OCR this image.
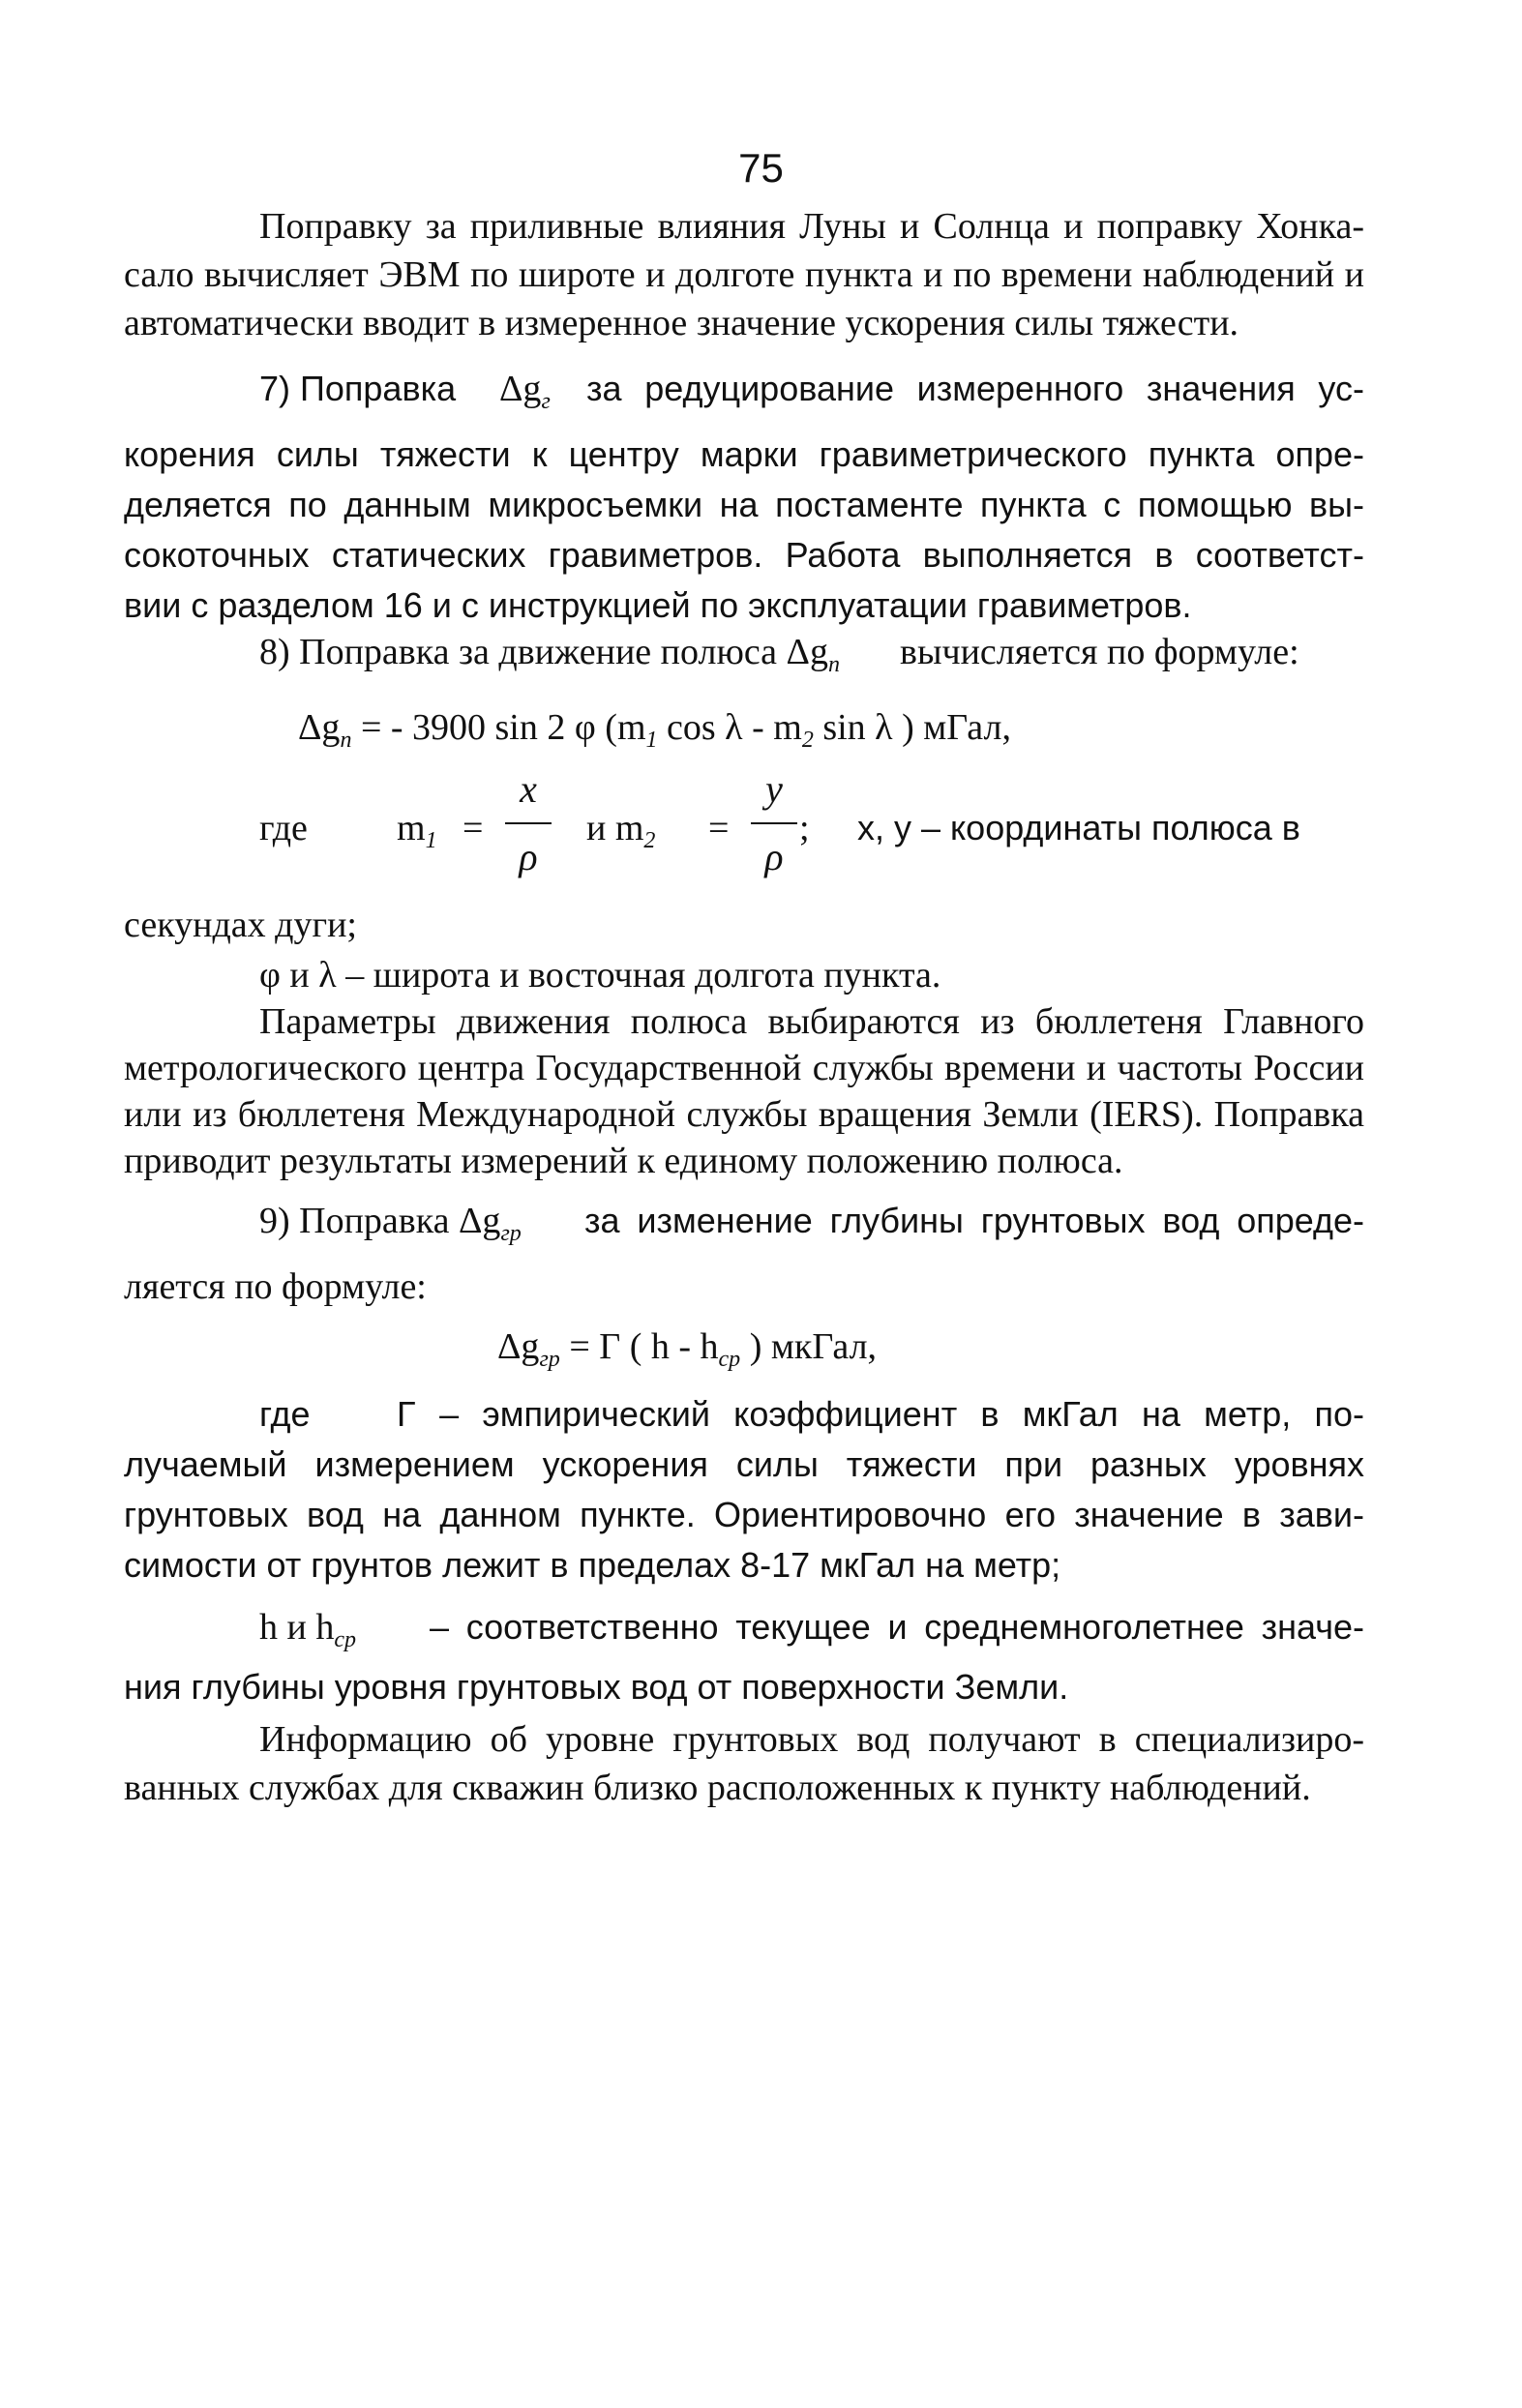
75
Поправку за приливные влияния Луны и Солнца и поправку Хонка-
сало вычисляет ЭВМ по широте и долготе пункта и по времени наблюдений и
автоматически вводит в измеренное значение ускорения силы тяжести.
7) Поправка $\Delta g_г$ за редуцирование измеренного значения ус-
корения силы тяжести к центру марки гравиметрического пункта опре-
деляется по данным микросъемки на постаменте пункта с помощью вы-
сокоточных статических гравиметров. Работа выполняется в соответст-
вии с разделом 16 и с инструкцией по эксплуатации гравиметров.
8) Поправка за движение полюса $\Delta g_п$ вычисляется по формуле:
$\Delta g_п$ = - 3900 sin 2 φ ($m_1$ cos λ - $m_2$ sin λ ) мГал,
где $m_1$ =
x
ρ
и $m_2$ =
y
ρ
; x, y – координаты полюса в
секундах дуги;
φ и λ – широта и восточная долгота пункта.
Параметры движения полюса выбираются из бюллетеня Главного
метрологического центра Государственной службы времени и частоты России
или из бюллетеня Международной службы вращения Земли (IERS). Поправка
приводит результаты измерений к единому положению полюса.
9) Поправка $\Delta g_{гр}$ за изменение глубины грунтовых вод опреде-
ляется по формуле:
$\Delta g_{гр} = \Gamma$ ( h - $h_{ср}$ ) мкГал,
где Γ – эмпирический коэффициент в мкГал на метр, по-
лучаемый измерением ускорения силы тяжести при разных уровнях
грунтовых вод на данном пункте. Ориентировочно его значение в зави-
симости от грунтов лежит в пределах 8-17 мкГал на метр;
h и $h_{ср}$ – соответственно текущее и среднемноголетнее значе-
ния глубины уровня грунтовых вод от поверхности Земли.
Информацию об уровне грунтовых вод получают в специализиро-
ванных службах для скважин близко расположенных к пункту наблюдений.
